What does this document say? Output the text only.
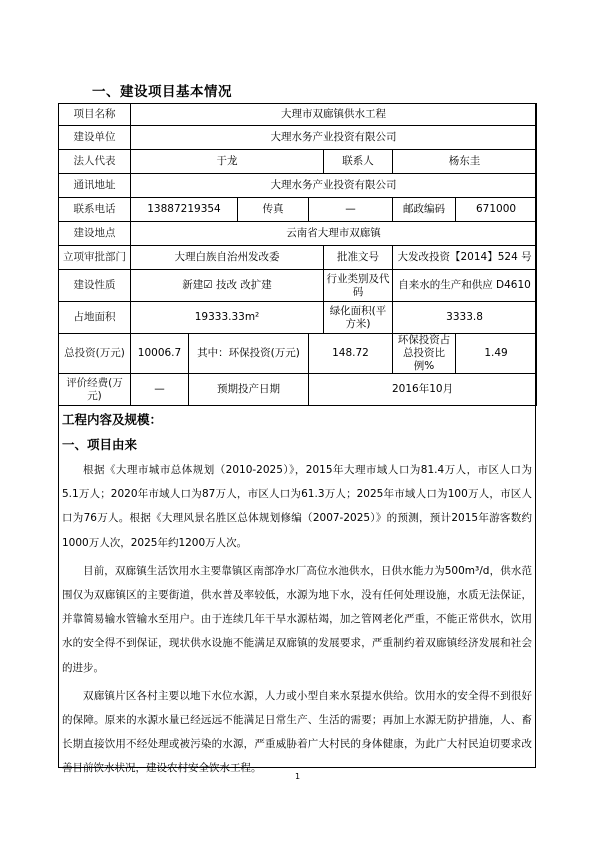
一、建设项目基本情况
项目名称	大理市双廊镇供水工程						
建设单位	大理水务产业投资有限公司						
法人代表	于龙				联系人	杨东圭	
通讯地址	大理水务产业投资有限公司						
联系电话	13887219354		传真	—		邮政编码	671000
建设地点	云南省大理市双廊镇						
立项审批部门	大理白族自治州发改委				批准文号	大发改投资【2014】524 号	
建设性质	新建☑ 技改 改扩建				行业类别及代码	自来水的生产和供应 D4610	
占地面积	19333.33m²				绿化面积(平方米)	3333.8	
总投资(万元)	10006.7	其中：环保投资(万元)		148.72		环保投资占总投资比例%	1.49
评价经费(万元)	—	预期投产日期		2016年10月			

工程内容及规模：

一、项目由来

根据《大理市城市总体规划（2010-2025）》，2015年大理市域人口为81.4万人，市区人口为5.1万人；2020年市域人口为87万人，市区人口为61.3万人；2025年市域人口为100万人，市区人口为76万人。根据《大理风景名胜区总体规划修编（2007-2025）》的预测，预计2015年游客数约1000万人次，2025年约1200万人次。

目前，双廊镇生活饮用水主要靠镇区南部净水厂高位水池供水，日供水能力为500m³/d，供水范围仅为双廊镇区的主要街道，供水普及率较低，水源为地下水，没有任何处理设施，水质无法保证，并靠简易输水管输水至用户。由于连续几年干旱水源枯竭，加之管网老化严重，不能正常供水，饮用水的安全得不到保证，现状供水设施不能满足双廊镇的发展要求，严重制约着双廊镇经济发展和社会的进步。

双廊镇片区各村主要以地下水位水源，人力或小型自来水泵提水供给。饮用水的安全得不到很好的保障。原来的水源水量已经远远不能满足日常生产、生活的需要；再加上水源无防护措施，人、畜长期直接饮用不经处理或被污染的水源，严重威胁着广大村民的身体健康，为此广大村民迫切要求改善目前饮水状况，建设农村安全饮水工程。

1
